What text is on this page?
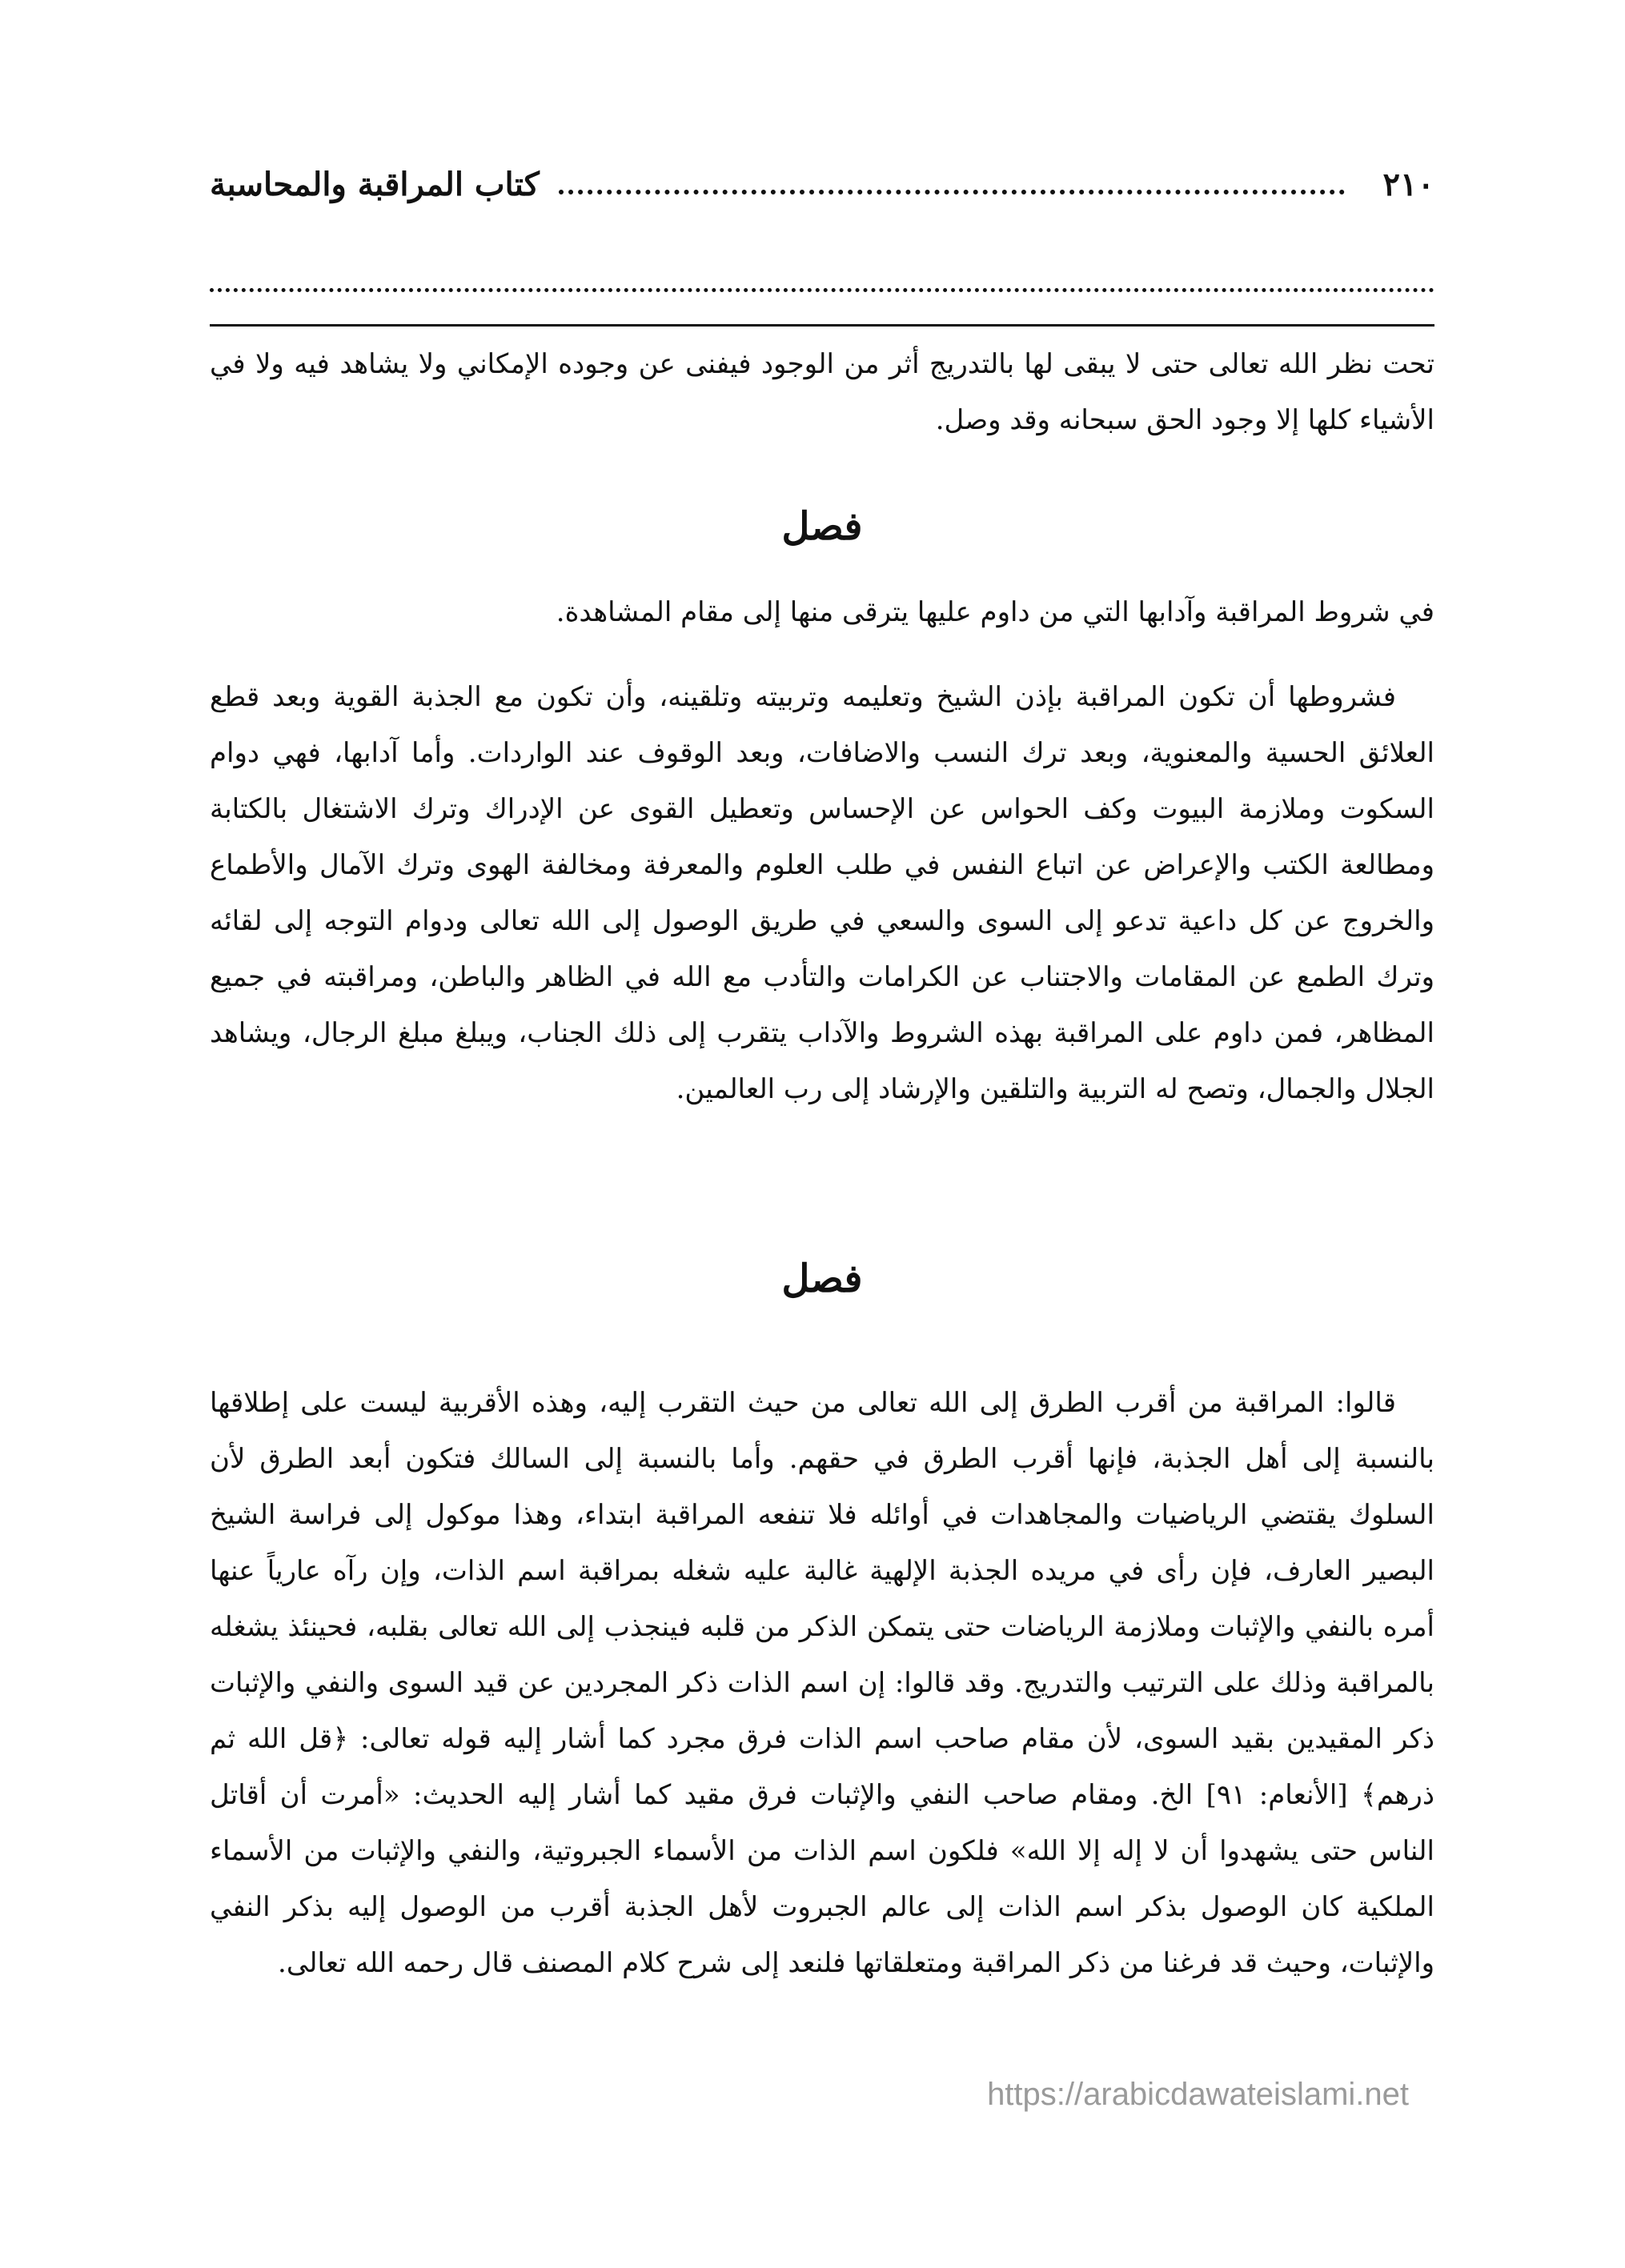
٢١٠
كتاب المراقبة والمحاسبة

تحت نظر الله تعالى حتى لا يبقى لها بالتدريج أثر من الوجود فيفنى عن وجوده الإمكاني ولا يشاهد فيه ولا في الأشياء كلها إلا وجود الحق سبحانه وقد وصل.

فصل

في شروط المراقبة وآدابها التي من داوم عليها يترقى منها إلى مقام المشاهدة.

فشروطها أن تكون المراقبة بإذن الشيخ وتعليمه وتربيته وتلقينه، وأن تكون مع الجذبة القوية وبعد قطع العلائق الحسية والمعنوية، وبعد ترك النسب والاضافات، وبعد الوقوف عند الواردات. وأما آدابها، فهي دوام السكوت وملازمة البيوت وكف الحواس عن الإحساس وتعطيل القوى عن الإدراك وترك الاشتغال بالكتابة ومطالعة الكتب والإعراض عن اتباع النفس في طلب العلوم والمعرفة ومخالفة الهوى وترك الآمال والأطماع والخروج عن كل داعية تدعو إلى السوى والسعي في طريق الوصول إلى الله تعالى ودوام التوجه إلى لقائه وترك الطمع عن المقامات والاجتناب عن الكرامات والتأدب مع الله في الظاهر والباطن، ومراقبته في جميع المظاهر، فمن داوم على المراقبة بهذه الشروط والآداب يتقرب إلى ذلك الجناب، ويبلغ مبلغ الرجال، ويشاهد الجلال والجمال، وتصح له التربية والتلقين والإرشاد إلى رب العالمين.

فصل

قالوا: المراقبة من أقرب الطرق إلى الله تعالى من حيث التقرب إليه، وهذه الأقربية ليست على إطلاقها بالنسبة إلى أهل الجذبة، فإنها أقرب الطرق في حقهم. وأما بالنسبة إلى السالك فتكون أبعد الطرق لأن السلوك يقتضي الرياضيات والمجاهدات في أوائله فلا تنفعه المراقبة ابتداء، وهذا موكول إلى فراسة الشيخ البصير العارف، فإن رأى في مريده الجذبة الإلهية غالبة عليه شغله بمراقبة اسم الذات، وإن رآه عارياً عنها أمره بالنفي والإثبات وملازمة الرياضات حتى يتمكن الذكر من قلبه فينجذب إلى الله تعالى بقلبه، فحينئذ يشغله بالمراقبة وذلك على الترتيب والتدريج. وقد قالوا: إن اسم الذات ذكر المجردين عن قيد السوى والنفي والإثبات ذكر المقيدين بقيد السوى، لأن مقام صاحب اسم الذات فرق مجرد كما أشار إليه قوله تعالى: ﴿قل الله ثم ذرهم﴾ [الأنعام: ٩١] الخ. ومقام صاحب النفي والإثبات فرق مقيد كما أشار إليه الحديث: «أمرت أن أقاتل الناس حتى يشهدوا أن لا إله إلا الله» فلكون اسم الذات من الأسماء الجبروتية، والنفي والإثبات من الأسماء الملكية كان الوصول بذكر اسم الذات إلى عالم الجبروت لأهل الجذبة أقرب من الوصول إليه بذكر النفي والإثبات، وحيث قد فرغنا من ذكر المراقبة ومتعلقاتها فلنعد إلى شرح كلام المصنف قال رحمه الله تعالى.

https://arabicdawateislami.net
